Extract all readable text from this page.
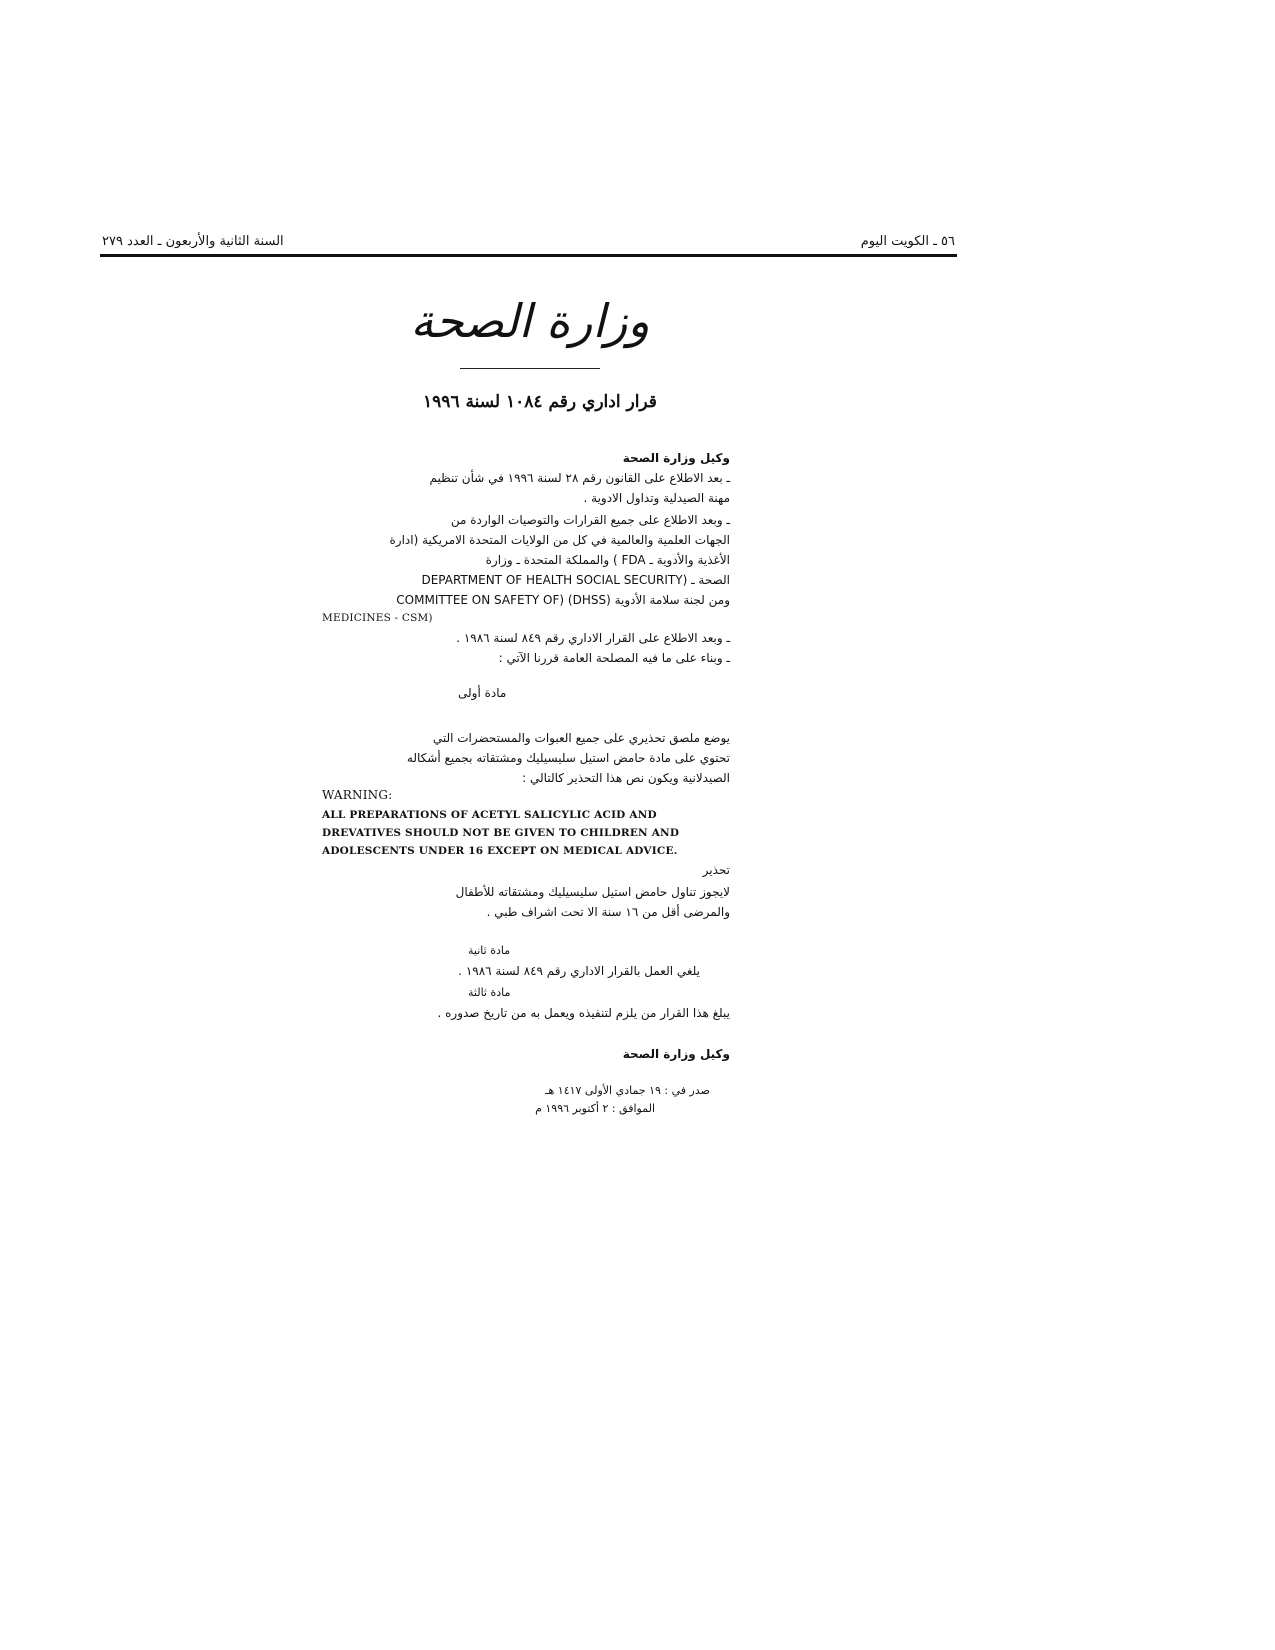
٥٦ ـ الكويت اليوم
السنة الثانية والأربعون ـ العدد ٢٧٩
وزارة الصحة
قرار اداري رقم ١٠٨٤ لسنة ١٩٩٦
وكيل وزارة الصحة
ـ بعد الاطلاع على القانون رقم ٢٨ لسنة ١٩٩٦ في شأن تنظيم
مهنة الصيدلية وتداول الادوية .
ـ وبعد الاطلاع على جميع القرارات والتوصيات الواردة من
الجهات العلمية والعالمية في كل من الولايات المتحدة الامريكية (ادارة
الأغذية والأدوية ـ FDA ) والمملكة المتحدة ـ وزارة
الصحة ـ (DEPARTMENT OF HEALTH SOCIAL SECURITY
ومن لجنة سلامة الأدوية (DHSS) (COMMITTEE ON SAFETY OF
MEDICINES - CSM)
ـ وبعد الاطلاع على القرار الاداري رقم ٨٤٩ لسنة ١٩٨٦ .
ـ وبناء على ما فيه المصلحة العامة قررنا الآتي :
مادة أولى
يوضع ملصق تحذيري على جميع العبوات والمستحضرات التي
تحتوي على مادة حامض استيل سليسيليك ومشتقاته بجميع أشكاله
الصيدلانية ويكون نص هذا التحذير كالتالي :
WARNING:
ALL PREPARATIONS OF ACETYL SALICYLIC ACID AND
DREVATIVES SHOULD NOT BE GIVEN TO CHILDREN AND
ADOLESCENTS UNDER 16 EXCEPT ON MEDICAL ADVICE.
تحذير
لايجوز تناول حامض استيل سليسيليك ومشتقاته للأطفال
والمرضى أقل من ١٦ سنة الا تحت اشراف طبي .
مادة ثانية
يلغي العمل بالقرار الاداري رقم ٨٤٩ لسنة ١٩٨٦ .
مادة ثالثة
يبلغ هذا القرار من يلزم لتنفيذه ويعمل به من تاريخ صدوره .
وكيل وزارة الصحة
صدر في : ١٩ جمادي الأولى ١٤١٧ هـ
الموافق : ٢ أكتوبر ١٩٩٦ م
